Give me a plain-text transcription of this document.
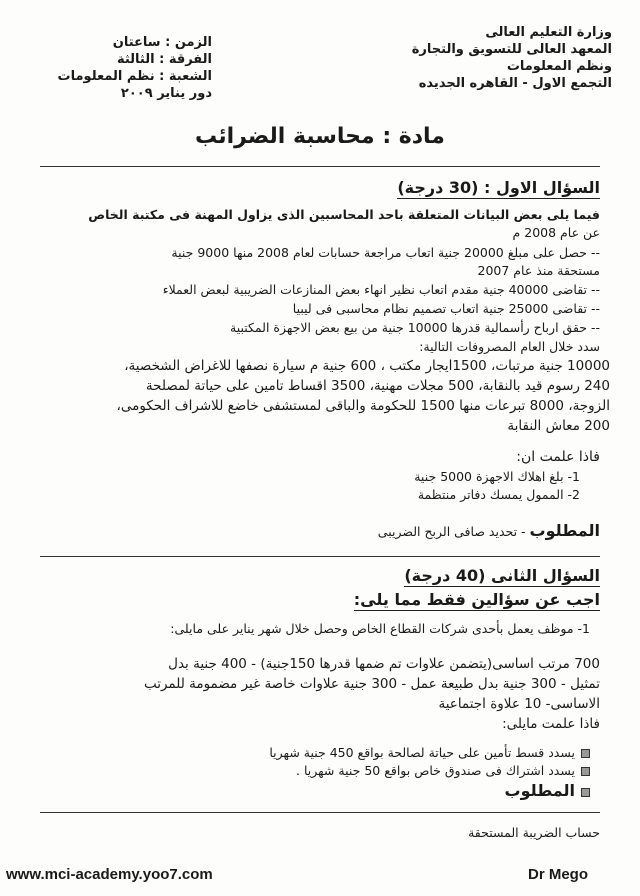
وزارة التعليم العالى
المعهد العالى للتسويق والتجارة
ونظم المعلومات
التجمع الاول - القاهره الجديده
الزمن : ساعتان
الفرقة : الثالثة
الشعبة : نظم المعلومات
دور يناير ٢٠٠٩
مادة : محاسبة الضرائب
السؤال الاول : (30 درجة)
فيما يلى بعض البيانات المتعلقة باحد المحاسبين الذى يزاول المهنة فى مكتبة الخاص
عن عام 2008 م
-- حصل على مبلغ 20000 جنية اتعاب مراجعة حسابات لعام 2008 منها 9000 جنية
مستحقة منذ عام 2007
-- تقاضى 40000 جنية مقدم اتعاب نظير انهاء بعض المنازعات الضريبية لبعض العملاء
-- تقاضى 25000 جنية اتعاب تصميم نظام محاسبى فى ليبيا
-- حقق ارباح رأسمالية قدرها 10000 جنية من بيع بعض الاجهزة المكتبية
سدد خلال العام المصروفات التالية:
10000 جنية مرتبات، 1500ايجار مكتب ، 600 جنية م سيارة نصفها للاغراض الشخصية،
240 رسوم قيد بالنقابة، 500 مجلات مهنية، 3500 اقساط تامين على حياتة لمصلحة
الزوجة، 8000 تبرعات منها 1500 للحكومة والباقى لمستشفى خاضع للاشراف الحكومى،
200 معاش النقابة
فاذا علمت ان:
1- بلغ اهلاك الاجهزة 5000 جنية
2- الممول يمسك دفاتر منتظمة
المطلوب - تحديد صافى الربح الضريبى
السؤال الثانى (40 درجة)
اجب عن سؤالين فقط مما يلى:
1- موظف يعمل بأحدى شركات القطاع الخاص وحصل خلال شهر يناير على مايلى:
700 مرتب اساسى(يتضمن علاوات تم ضمها قدرها 150جنية) - 400 جنية بدل
تمثيل - 300 جنية بدل طبيعة عمل - 300 جنية علاوات خاصة غير مضمومة للمرتب
الاساسى- 10 علاوة اجتماعية
فاذا علمت مايلى:
يسدد قسط تأمين على حياتة لصالحة بواقع 450 جنية شهريا
يسدد اشتراك فى صندوق خاص بواقع 50 جنية شهريا .
المطلوب
حساب الضريبة المستحقة
www.mci-academy.yoo7.com	Dr Mego
